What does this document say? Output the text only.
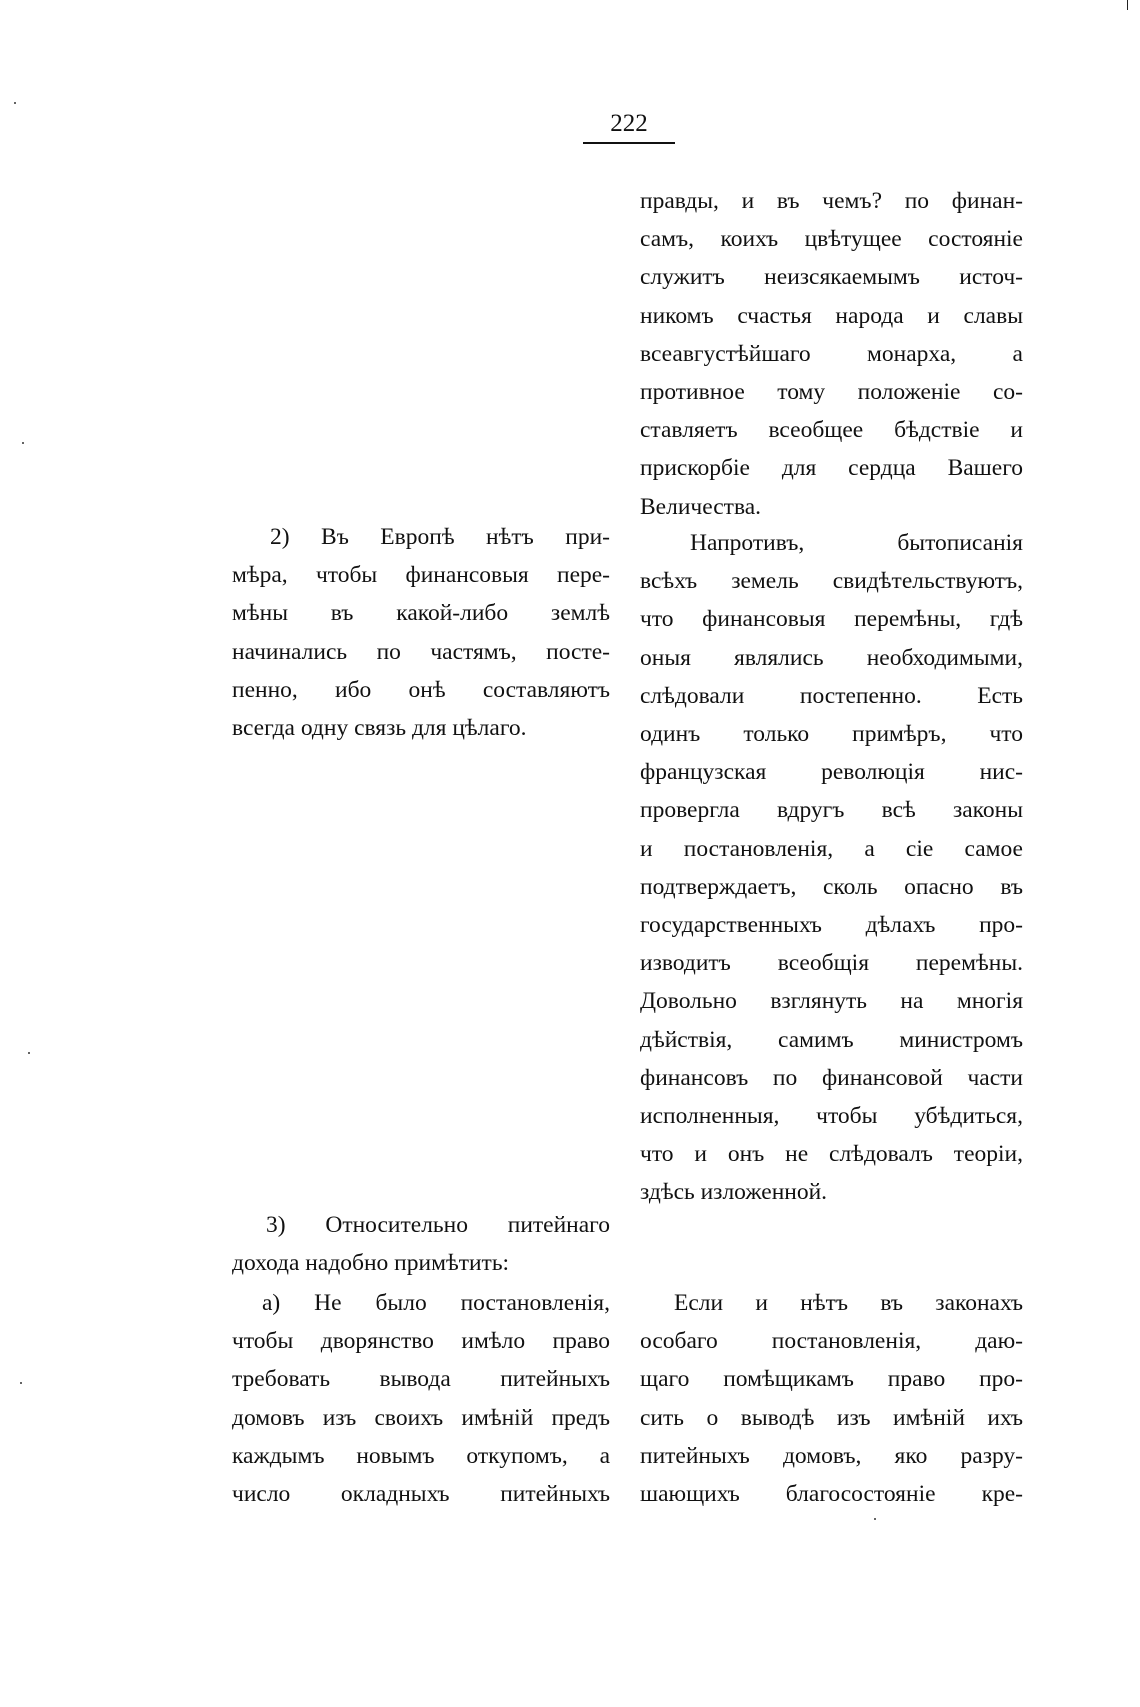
222
2) Въ Европѣ нѣтъ при-
мѣра, чтобы финансовыя пере-
мѣны въ какой-либо землѣ
начинались по частямъ, посте-
пенно, ибо онѣ составляютъ
всегда одну связь для цѣлаго.
3) Относительно питейнаго
дохода надобно примѣтить:
а) Не было постановленія,
чтобы дворянство имѣло право
требовать вывода питейныхъ
домовъ изъ своихъ имѣній предъ
каждымъ новымъ откупомъ, а
число окладныхъ питейныхъ
правды, и въ чемъ? по финан-
самъ, коихъ цвѣтущее состояніе
служитъ неизсякаемымъ источ-
никомъ счастья народа и славы
всеавгустѣйшаго монарха, а
противное тому положеніе со-
ставляетъ всеобщее бѣдствіе и
прискорбіе для сердца Вашего
Величества.
Напротивъ, бытописанія
всѣхъ земель свидѣтельствуютъ,
что финансовыя перемѣны, гдѣ
оныя являлись необходимыми,
слѣдовали постепенно. Есть
одинъ только примѣръ, что
французская революція нис-
провергла вдругъ всѣ законы
и постановленія, а сіе самое
подтверждаетъ, сколь опасно въ
государственныхъ дѣлахъ про-
изводитъ всеобщія перемѣны.
Довольно взглянуть на многія
дѣйствія, самимъ министромъ
финансовъ по финансовой части
исполненныя, чтобы убѣдиться,
что и онъ не слѣдовалъ теоріи,
здѣсь изложенной.
Если и нѣтъ въ законахъ
особаго постановленія, даю-
щаго помѣщикамъ право про-
сить о выводѣ изъ имѣній ихъ
питейныхъ домовъ, яко разру-
шающихъ благосостояніе кре-
